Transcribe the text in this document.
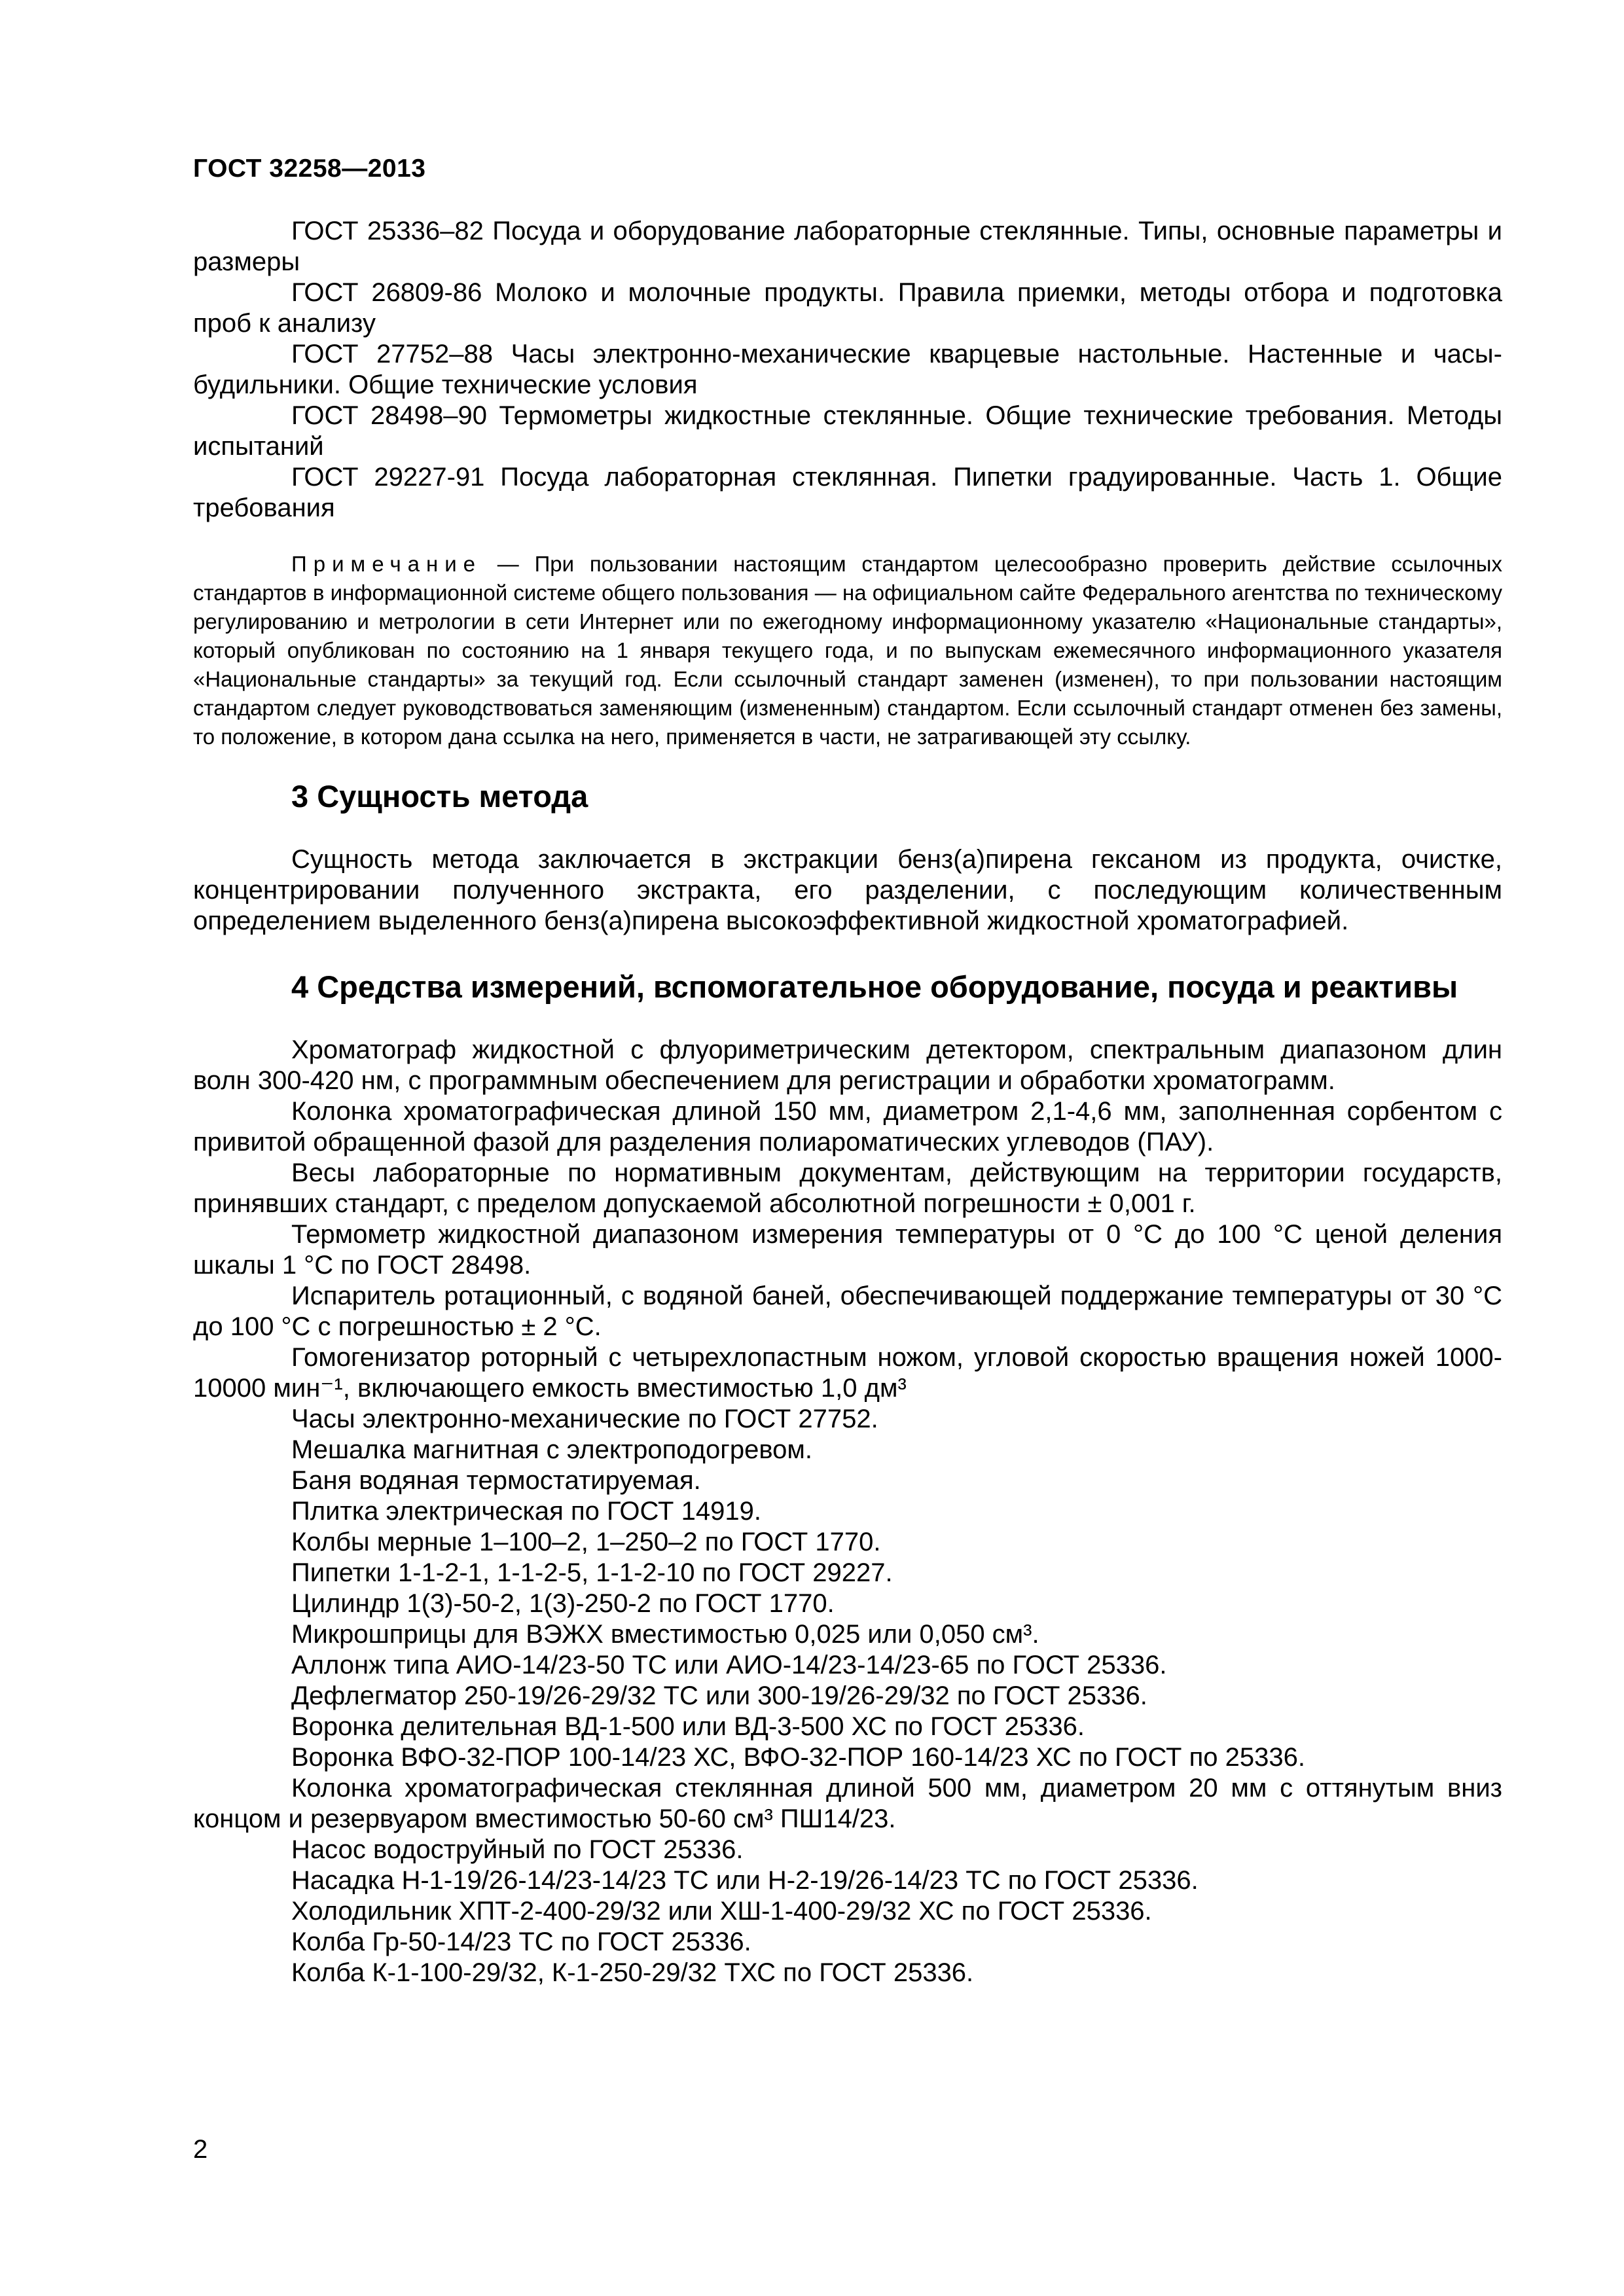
ГОСТ 32258—2013

ГОСТ 25336–82 Посуда и оборудование лабораторные стеклянные. Типы, основные параметры и размеры

ГОСТ 26809-86 Молоко и молочные продукты. Правила приемки, методы отбора и подготовка проб к анализу

ГОСТ 27752–88 Часы электронно-механические кварцевые настольные. Настенные и часы-будильники. Общие технические условия

ГОСТ 28498–90 Термометры жидкостные стеклянные. Общие технические требования. Методы испытаний

ГОСТ 29227-91 Посуда лабораторная стеклянная. Пипетки градуированные. Часть 1. Общие требования

Примечание — При пользовании настоящим стандартом целесообразно проверить действие ссылочных стандартов в информационной системе общего пользования — на официальном сайте Федерального агентства по техническому регулированию и метрологии в сети Интернет или по ежегодному информационному указателю «Национальные стандарты», который опубликован по состоянию на 1 января текущего года, и по выпускам ежемесячного информационного указателя «Национальные стандарты» за текущий год. Если ссылочный стандарт заменен (изменен), то при пользовании настоящим стандартом следует руководствоваться заменяющим (измененным) стандартом. Если ссылочный стандарт отменен без замены, то положение, в котором дана ссылка на него, применяется в части, не затрагивающей эту ссылку.

3 Сущность метода

Сущность метода заключается в экстракции бенз(а)пирена гексаном из продукта, очистке, концентрировании полученного экстракта, его разделении, с последующим количественным определением выделенного бенз(а)пирена высокоэффективной жидкостной хроматографией.

4 Средства измерений, вспомогательное оборудование, посуда и реактивы

Хроматограф жидкостной с флуориметрическим детектором, спектральным диапазоном длин волн 300-420 нм, с программным обеспечением для регистрации и обработки хроматограмм.

Колонка хроматографическая длиной 150 мм, диаметром 2,1-4,6 мм, заполненная сорбентом с привитой обращенной фазой для разделения полиароматических углеводов (ПАУ).

Весы лабораторные по нормативным документам, действующим на территории государств, принявших стандарт, с пределом допускаемой абсолютной погрешности ± 0,001 г.

Термометр жидкостной диапазоном измерения температуры от 0 °С до 100 °С ценой деления шкалы 1 °С по ГОСТ 28498.

Испаритель ротационный, с водяной баней, обеспечивающей поддержание температуры от 30 °С до 100 °С с погрешностью ± 2 °С.

Гомогенизатор роторный с четырехлопастным ножом, угловой скоростью вращения ножей 1000-10000 мин⁻¹, включающего емкость вместимостью 1,0 дм³

Часы электронно-механические по ГОСТ 27752.

Мешалка магнитная с электроподогревом.

Баня водяная термостатируемая.

Плитка электрическая по ГОСТ 14919.

Колбы мерные 1–100–2, 1–250–2 по ГОСТ 1770.

Пипетки 1-1-2-1, 1-1-2-5, 1-1-2-10 по ГОСТ 29227.

Цилиндр 1(3)-50-2, 1(3)-250-2 по ГОСТ 1770.

Микрошприцы для ВЭЖХ вместимостью 0,025 или 0,050 см³.

Аллонж типа АИО-14/23-50 ТС или АИО-14/23-14/23-65 по ГОСТ 25336.

Дефлегматор 250-19/26-29/32 ТС или 300-19/26-29/32 по ГОСТ 25336.

Воронка делительная ВД-1-500 или ВД-3-500 ХС по ГОСТ 25336.

Воронка ВФО-32-ПОР 100-14/23 ХС, ВФО-32-ПОР 160-14/23 ХС по ГОСТ по 25336.

Колонка хроматографическая стеклянная длиной 500 мм, диаметром 20 мм с оттянутым вниз концом и резервуаром вместимостью 50-60 см³ ПШ14/23.

Насос водоструйный по ГОСТ 25336.

Насадка Н-1-19/26-14/23-14/23 ТС или Н-2-19/26-14/23 ТС по ГОСТ 25336.

Холодильник ХПТ-2-400-29/32 или ХШ-1-400-29/32 ХС по ГОСТ 25336.

Колба Гр-50-14/23 ТС по ГОСТ 25336.

Колба К-1-100-29/32, К-1-250-29/32 ТХС по ГОСТ 25336.

2
